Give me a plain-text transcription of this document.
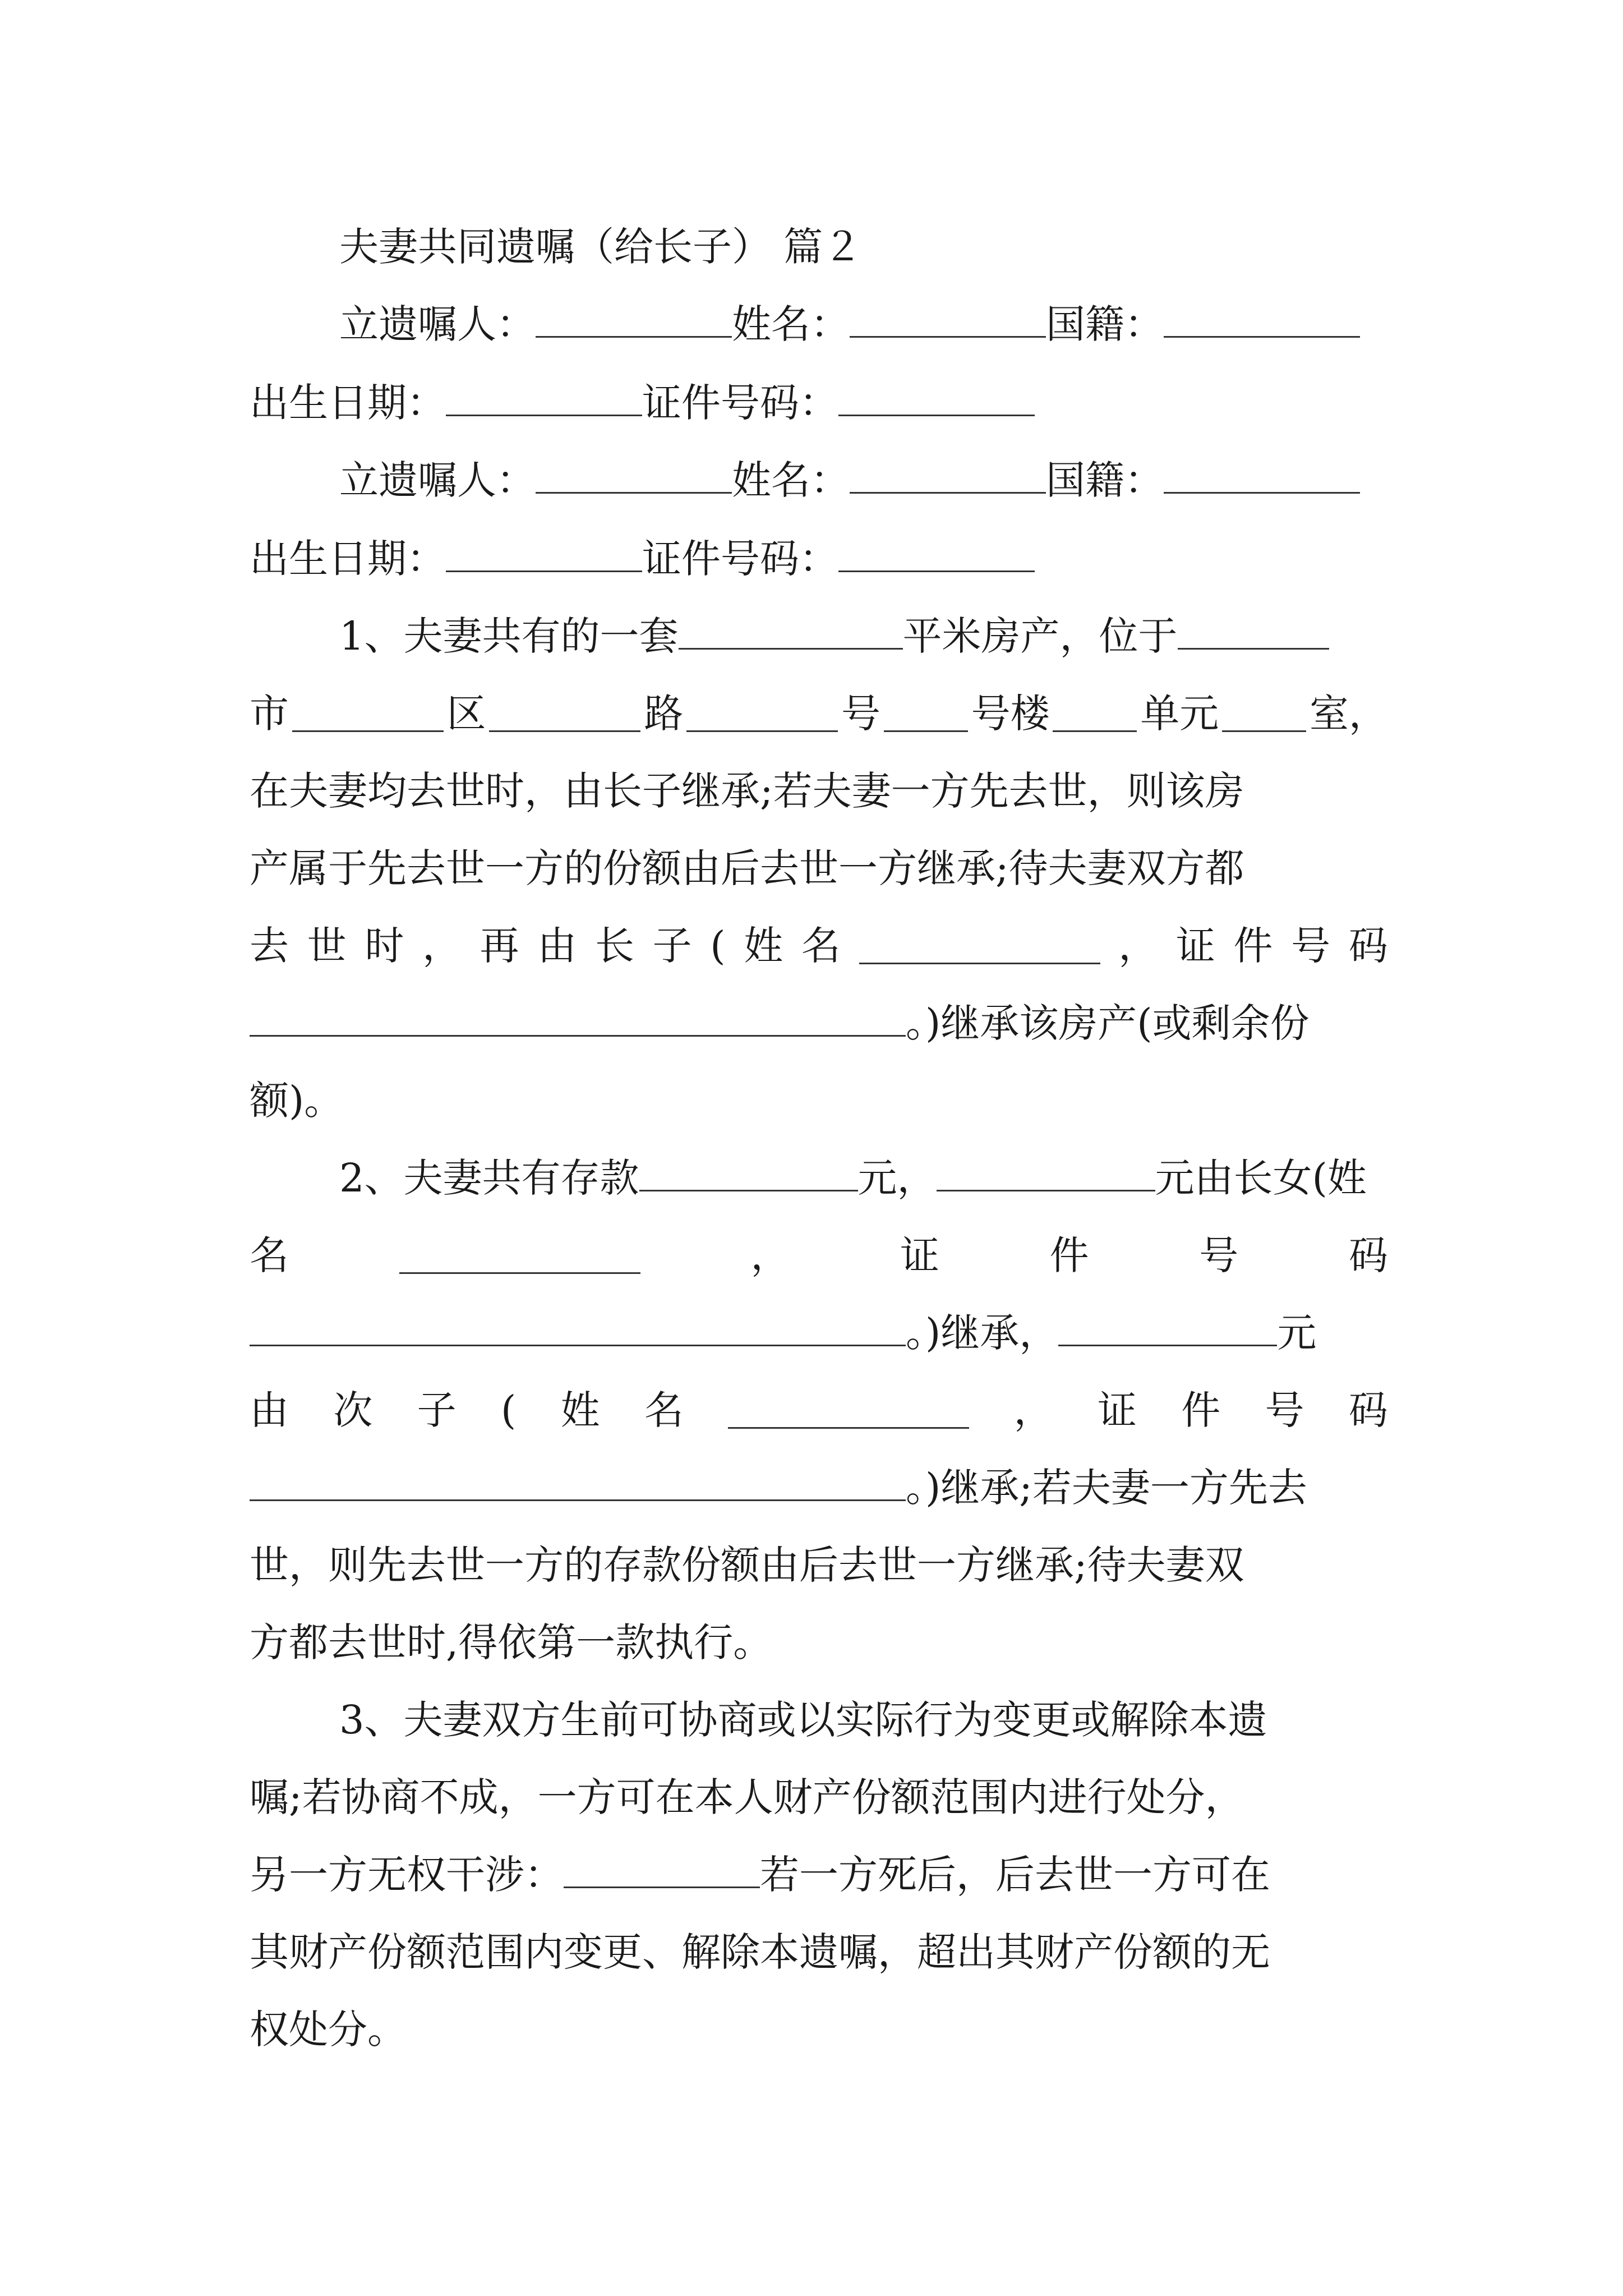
夫妻共同遗嘱（给长子） 篇２
立遗嘱人：	姓名：	国籍：
出生日期：	证件号码：
立遗嘱人：	姓名：	国籍：
出生日期：	证件号码：
1、夫妻共有的一套	平米房产，位于
市	区	路	号 号楼 单元 室，
在夫妻均去世时，由长子继承;若夫妻一方先去世，则该房
产属于先去世一方的份额由后去世一方继承;待夫妻双方都
去 世 时 ， 再 由 长 子 ( 姓 名	， 证 件 号 码
。)继承该房产(或剩余份
额)。
2、夫妻共有存款	元，	元由长女(姓
名	，	证	件	号	码
。)继承，	元
由 次 子 ( 姓 名	， 证 件 号 码
。)继承;若夫妻一方先去
世，则先去世一方的存款份额由后去世一方继承;待夫妻双
方都去世时,得依第一款执行。
3、夫妻双方生前可协商或以实际行为变更或解除本遗
嘱;若协商不成，一方可在本人财产份额范围内进行处分，
另一方无权干涉：	若一方死后，后去世一方可在
其财产份额范围内变更、解除本遗嘱，超出其财产份额的无
权处分。
